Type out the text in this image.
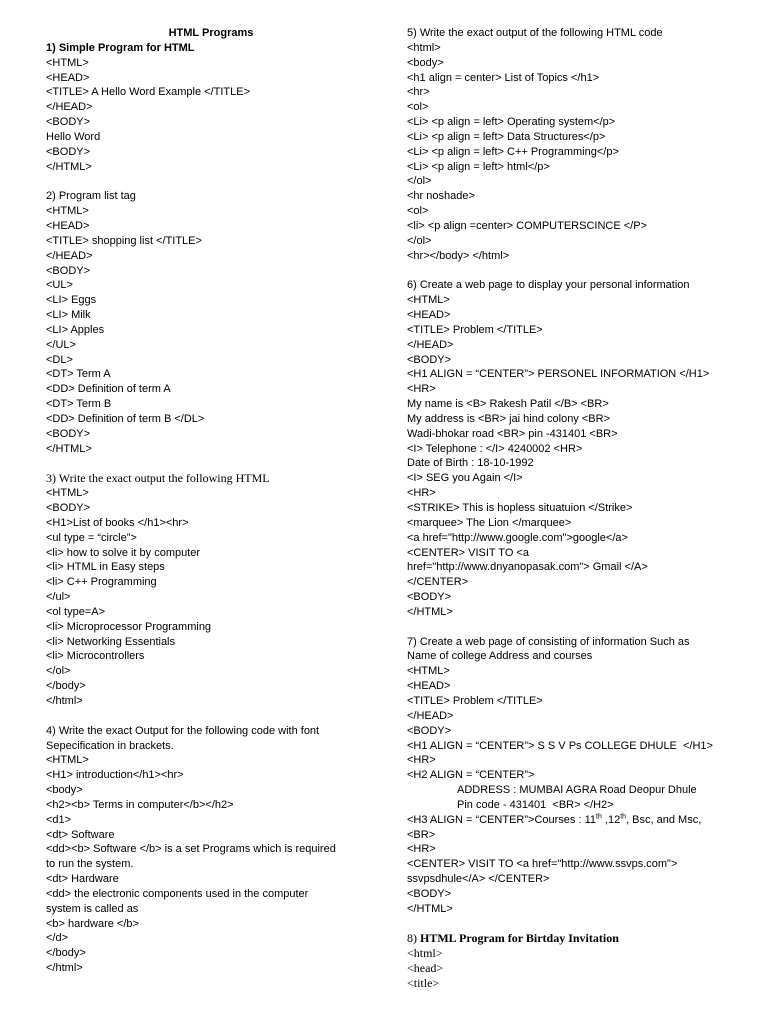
HTML Programs
1) Simple Program for HTML
<HTML>
<HEAD>
<TITLE> A Hello Word Example </TITLE>
</HEAD>
<BODY>
Hello Word
<BODY>
</HTML>
2) Program list tag
<HTML>
<HEAD>
<TITLE> shopping list </TITLE>
</HEAD>
<BODY>
<UL>
<LI> Eggs
<LI> Milk
<LI> Apples
</UL>
<DL>
<DT> Term A
<DD> Definition of term A
<DT> Term B
<DD> Definition of term B </DL>
<BODY>
</HTML>
3) Write the exact output the following HTML
<HTML>
<BODY>
<H1>List of books </h1><hr>
<ul type = “circle”>
<li> how to solve it by computer
<li> HTML in Easy steps
<li> C++ Programming
</ul>
<ol type=A>
<li> Microprocessor Programming
<li> Networking Essentials
<li> Microcontrollers
</ol>
</body>
</html>
4) Write the exact Output for the following code with font
Sepecification in brackets.
<HTML>
<H1> introduction</h1><hr>
<body>
<h2><b> Terms in computer</b></h2>
<d1>
<dt> Software
<dd><b> Software </b> is a set Programs which is required
to run the system.
<dt> Hardware
<dd> the electronic components used in the computer
system is called as
<b> hardware </b>
</d>
</body>
</html>
5) Write the exact output of the following HTML code
<html>
<body>
<h1 align = center> List of Topics </h1>
<hr>
<ol>
<Li> <p align = left> Operating system</p>
<Li> <p align = left> Data Structures</p>
<Li> <p align = left> C++ Programming</p>
<Li> <p align = left> html</p>
</ol>
<hr noshade>
<ol>
<li> <p align =center> COMPUTERSCINCE </P>
</ol>
<hr></body> </html>
6) Create a web page to display your personal information
<HTML>
<HEAD>
<TITLE> Problem </TITLE>
</HEAD>
<BODY>
<H1 ALIGN = “CENTER”> PERSONEL INFORMATION </H1>
<HR>
My name is <B> Rakesh Patil </B> <BR>
My address is <BR> jai hind colony <BR>
Wadi-bhokar road <BR> pin -431401 <BR>
<I> Telephone : </I> 4240002 <HR>
Date of Birth : 18-10-1992
<I> SEG you Again </I>
<HR>
<STRIKE> This is hopless situatuion </Strike>
<marquee> The Lion </marquee>
<a href="http://www.google.com">google</a>
<CENTER> VISIT TO <a
href="http://www.dnyanopasak.com"> Gmail </A>
</CENTER>
<BODY>
</HTML>
7) Create a web page of consisting of information Such as
Name of college Address and courses
<HTML>
<HEAD>
<TITLE> Problem </TITLE>
</HEAD>
<BODY>
<H1 ALIGN = “CENTER”> S S V Ps COLLEGE DHULE  </H1>
<HR>
<H2 ALIGN = “CENTER”>
ADDRESS : MUMBAI AGRA Road Deopur Dhule
Pin code - 431401  <BR> </H2>
<H3 ALIGN = “CENTER”>Courses : 11th ,12th, Bsc, and Msc,
<BR>
<HR>
<CENTER> VISIT TO <a href="http://www.ssvps.com">
ssvpsdhule</A> </CENTER>
<BODY>
</HTML>
8) HTML Program for Birtday Invitation
<html>
<head>
<title>
